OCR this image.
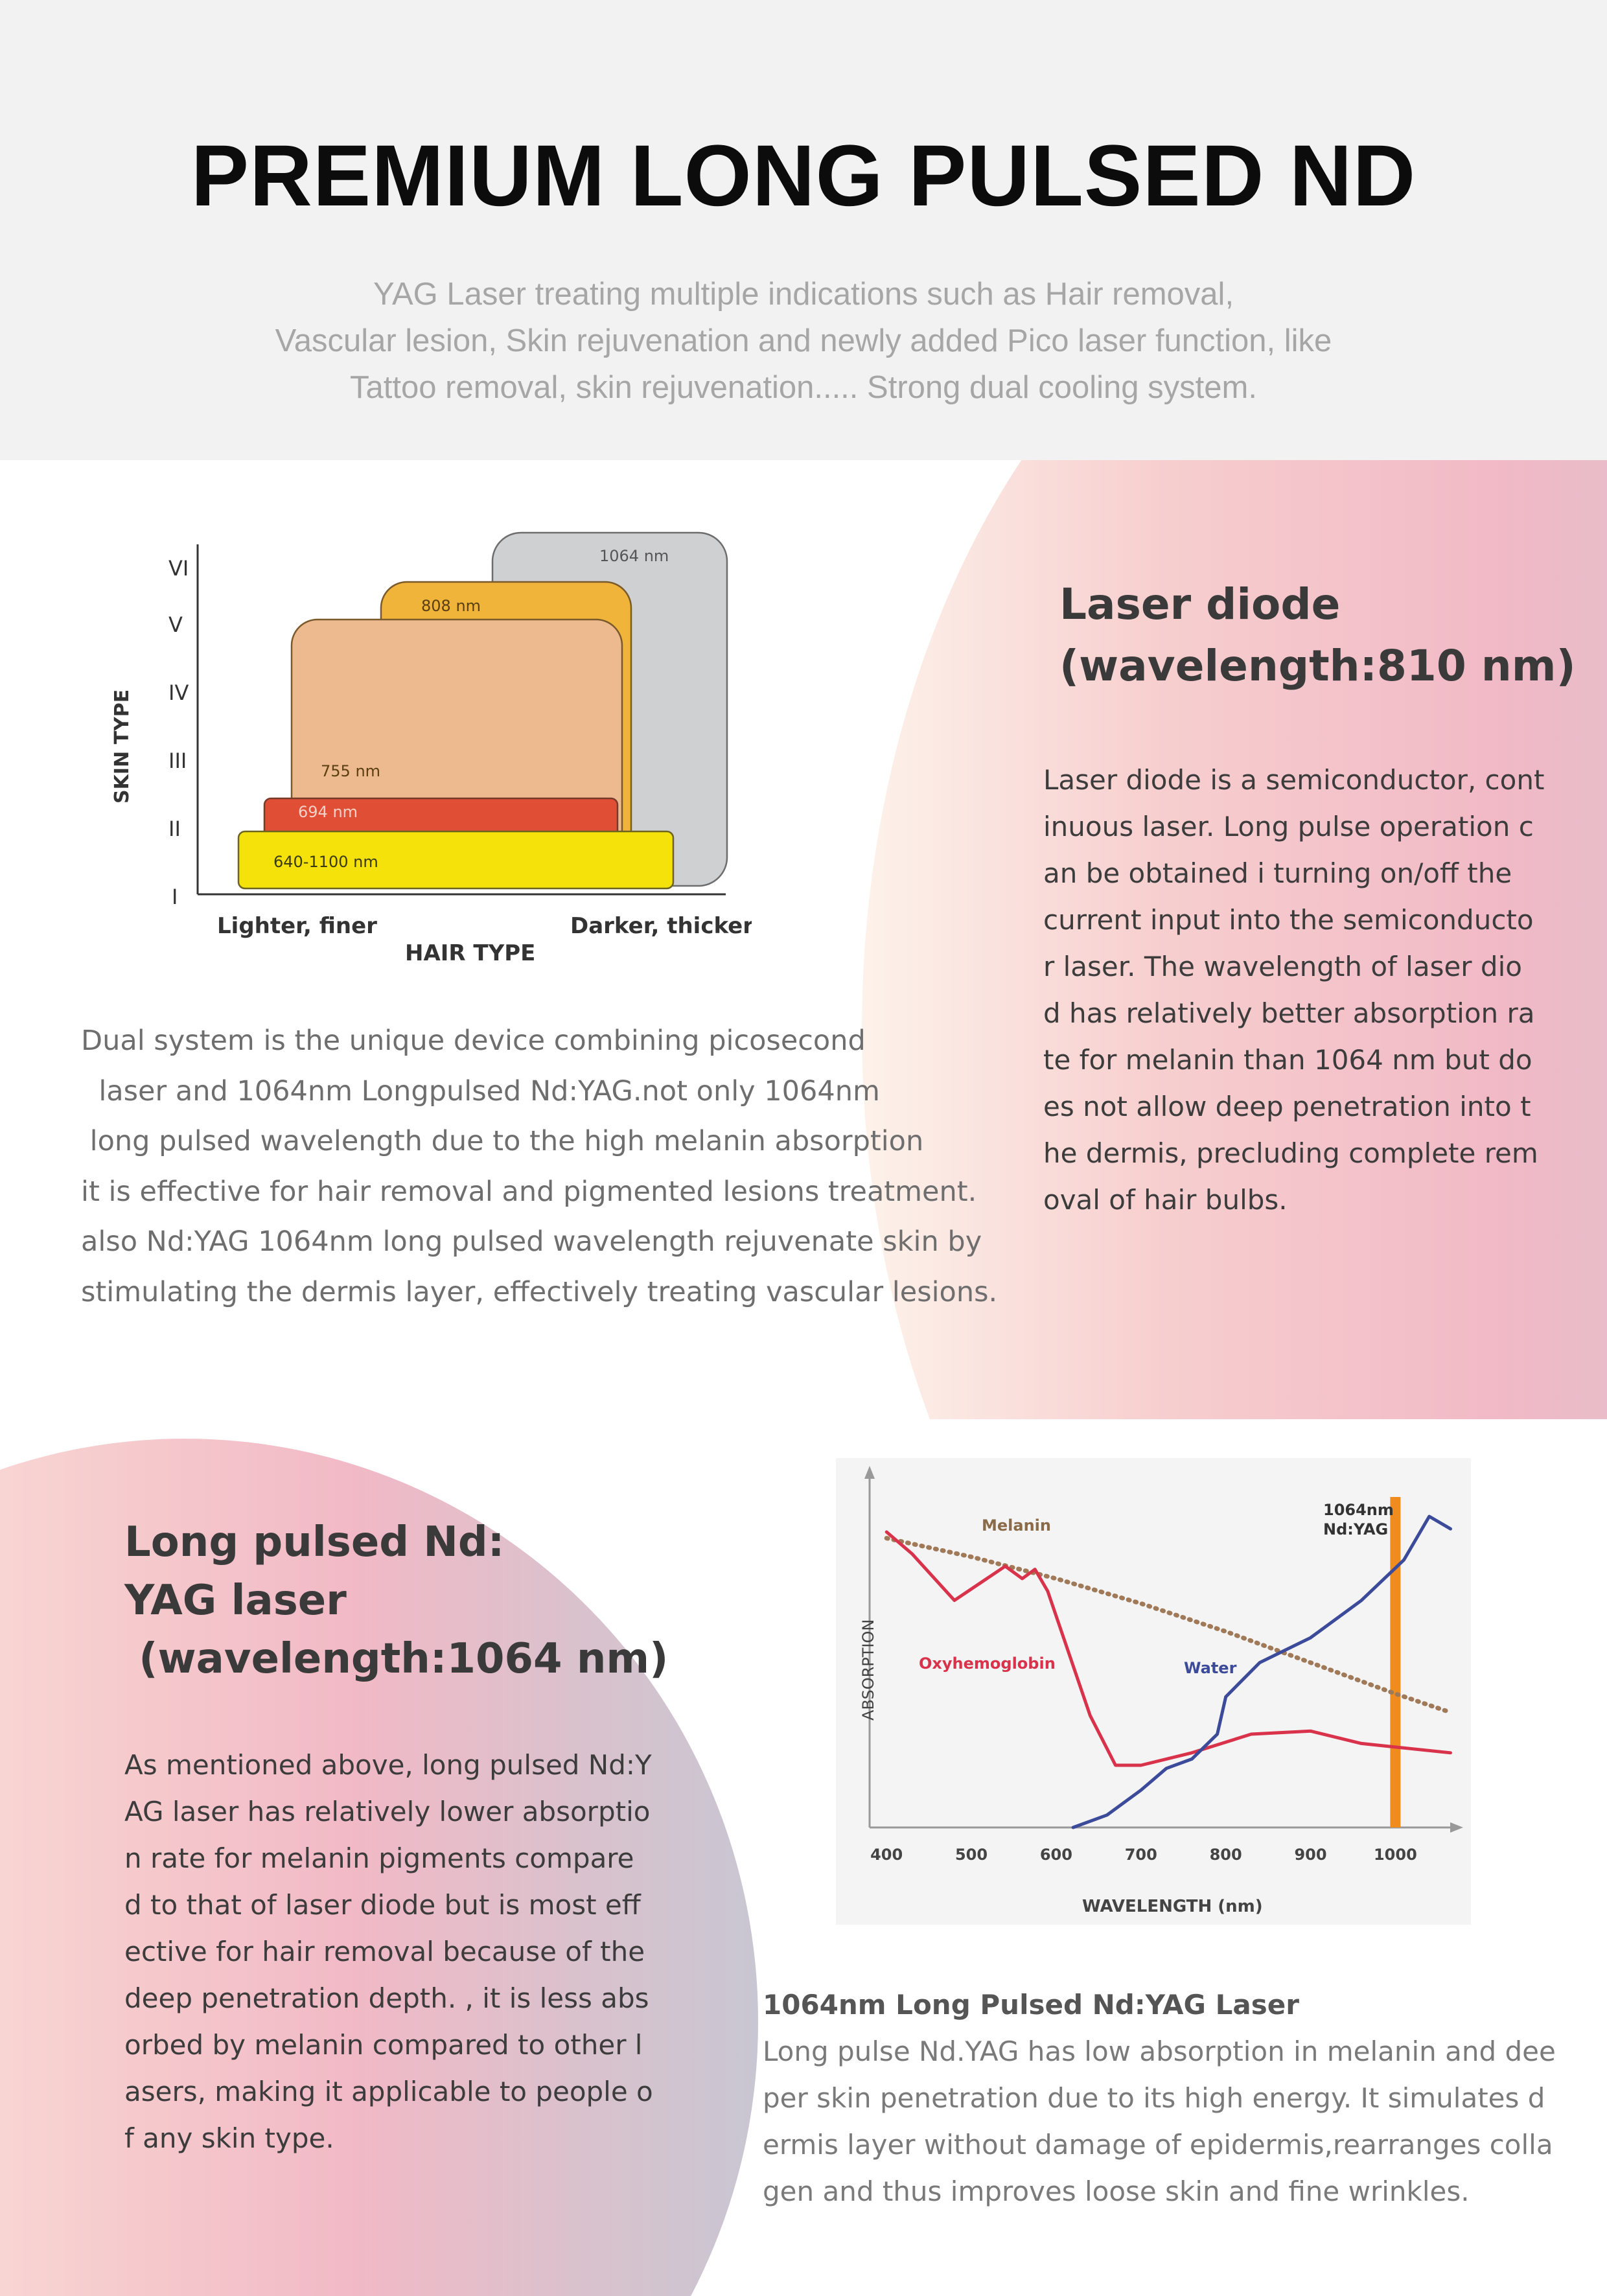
PREMIUM LONG PULSED ND
YAG Laser treating multiple indications such as Hair removal,
Vascular lesion, Skin rejuvenation and newly added Pico laser function, like
Tattoo removal, skin rejuvenation..... Strong dual cooling system.
1064 nm
808 nm
755 nm
694 nm
640-1100 nm
VI
V
IV
III
II
I
SKIN TYPE
Lighter, finer	Darker, thicker
HAIR TYPE
Laser diode
(wavelength:810 nm)
Laser diode is a semiconductor, cont
inuous laser. Long pulse operation c
an be obtained i turning on/off the
current input into the semiconducto
r laser. The wavelength of laser dio
d has relatively better absorption ra
te for melanin than 1064 nm but do
es not allow deep penetration into t
he dermis, precluding complete rem
oval of hair bulbs.
Dual system is the unique device combining picosecond
laser and 1064nm Longpulsed Nd:YAG.not only 1064nm
long pulsed wavelength due to the high melanin absorption
it is effective for hair removal and pigmented lesions treatment.
also Nd:YAG 1064nm long pulsed wavelength rejuvenate skin by
stimulating the dermis layer, effectively treating vascular lesions.
Long pulsed Nd:
YAG laser
(wavelength:1064 nm)
As mentioned above, long pulsed Nd:Y
AG laser has relatively lower absorptio
n rate for melanin pigments compare
d to that of laser diode but is most eff
ective for hair removal because of the
deep penetration depth. , it is less abs
orbed by melanin compared to other l
asers, making it applicable to people o
f any skin type.
400	500	600	700	800	900	1000
WAVELENGTH (nm)
ABSORPTION
1064nm
Nd:YAG
Melanin
Oxyhemoglobin	Water
1064nm Long Pulsed Nd:YAG Laser
Long pulse Nd.YAG has low absorption in melanin and dee
per skin penetration due to its high energy. It simulates d
ermis layer without damage of epidermis,rearranges colla
gen and thus improves loose skin and fine wrinkles.
